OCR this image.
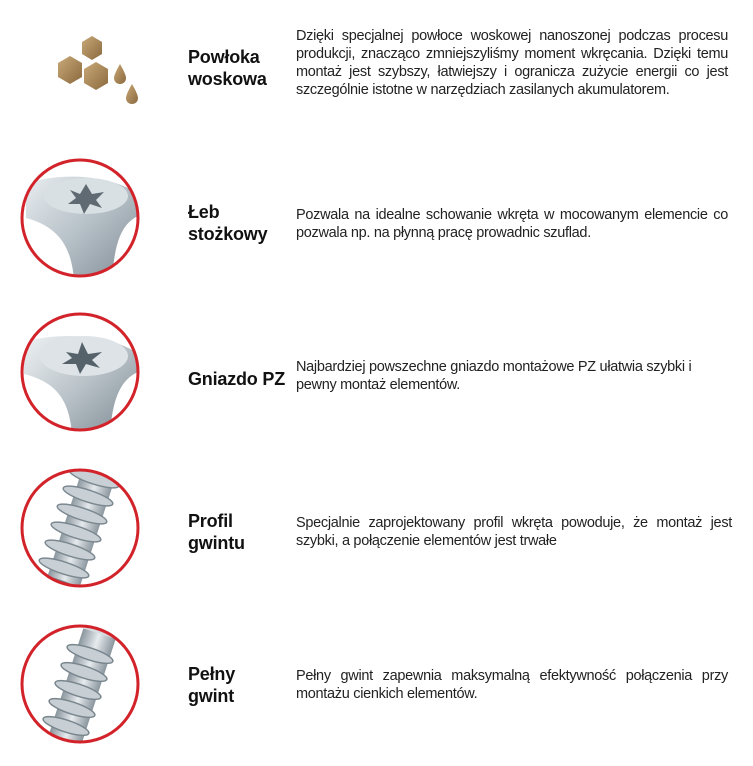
Powłoka woskowa
Dzięki specjalnej powłoce woskowej nanoszonej podczas procesu produkcji, znacząco zmniejszyliśmy moment wkręcania. Dzięki temu montaż jest szybszy, łatwiejszy i ogranicza zużycie energii co jest szczególnie istotne w narzędziach zasilanych akumulatorem.
Łeb stożkowy
Pozwala na idealne schowanie wkręta w mocowanym elemencie co pozwala np. na płynną pracę prowadnic szuflad.
Gniazdo PZ
Najbardziej powszechne gniazdo montażowe PZ ułatwia szybki i pewny montaż elementów.
Profil gwintu
Specjalnie zaprojektowany profil wkręta powoduje, że montaż jest szybki, a połączenie elementów jest trwałe
Pełny gwint
Pełny gwint zapewnia maksymalną efektywność połączenia przy montażu cienkich elementów.
